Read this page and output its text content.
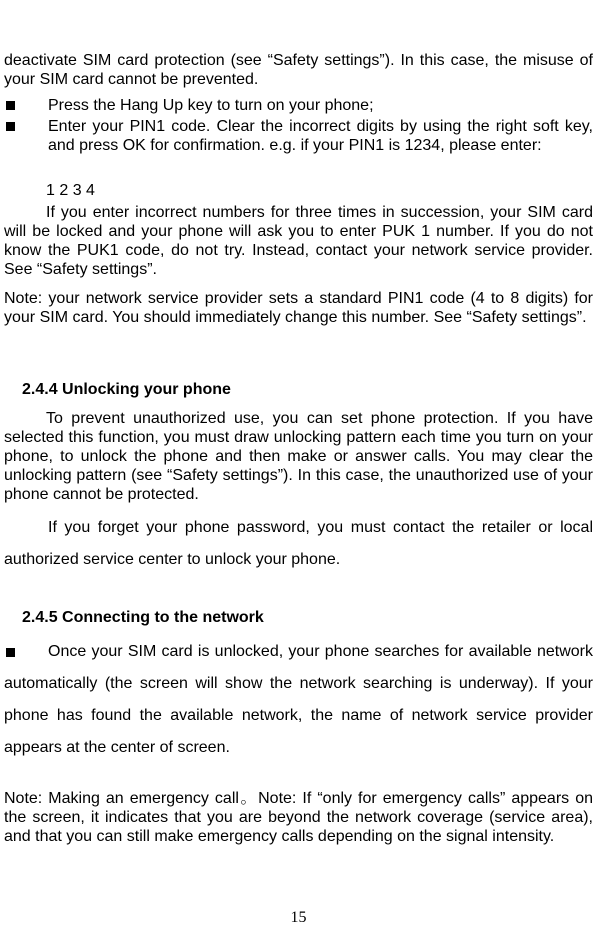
deactivate SIM card protection (see “Safety settings”). In this case, the misuse of your SIM card cannot be prevented.

Press the Hang Up key to turn on your phone;
Enter your PIN1 code. Clear the incorrect digits by using the right soft key, and press OK for confirmation. e.g. if your PIN1 is 1234, please enter:
1 2 3 4

If you enter incorrect numbers for three times in succession, your SIM card will be locked and your phone will ask you to enter PUK 1 number. If you do not know the PUK1 code, do not try. Instead, contact your network service provider. See “Safety settings”.

Note: your network service provider sets a standard PIN1 code (4 to 8 digits) for your SIM card. You should immediately change this number. See “Safety settings”.

2.4.4 Unlocking your phone

To prevent unauthorized use, you can set phone protection. If you have selected this function, you must draw unlocking pattern each time you turn on your phone, to unlock the phone and then make or answer calls. You may clear the unlocking pattern (see “Safety settings”). In this case, the unauthorized use of your phone cannot be protected.

If you forget your phone password, you must contact the retailer or local authorized service center to unlock your phone.

2.4.5 Connecting to the network
Once your SIM card is unlocked, your phone searches for available network automatically (the screen will show the network searching is underway). If your phone has found the available network, the name of network service provider appears at the center of screen.

Note: Making an emergency call。Note: If “only for emergency calls” appears on the screen, it indicates that you are beyond the network coverage (service area), and that you can still make emergency calls depending on the signal intensity.

15
